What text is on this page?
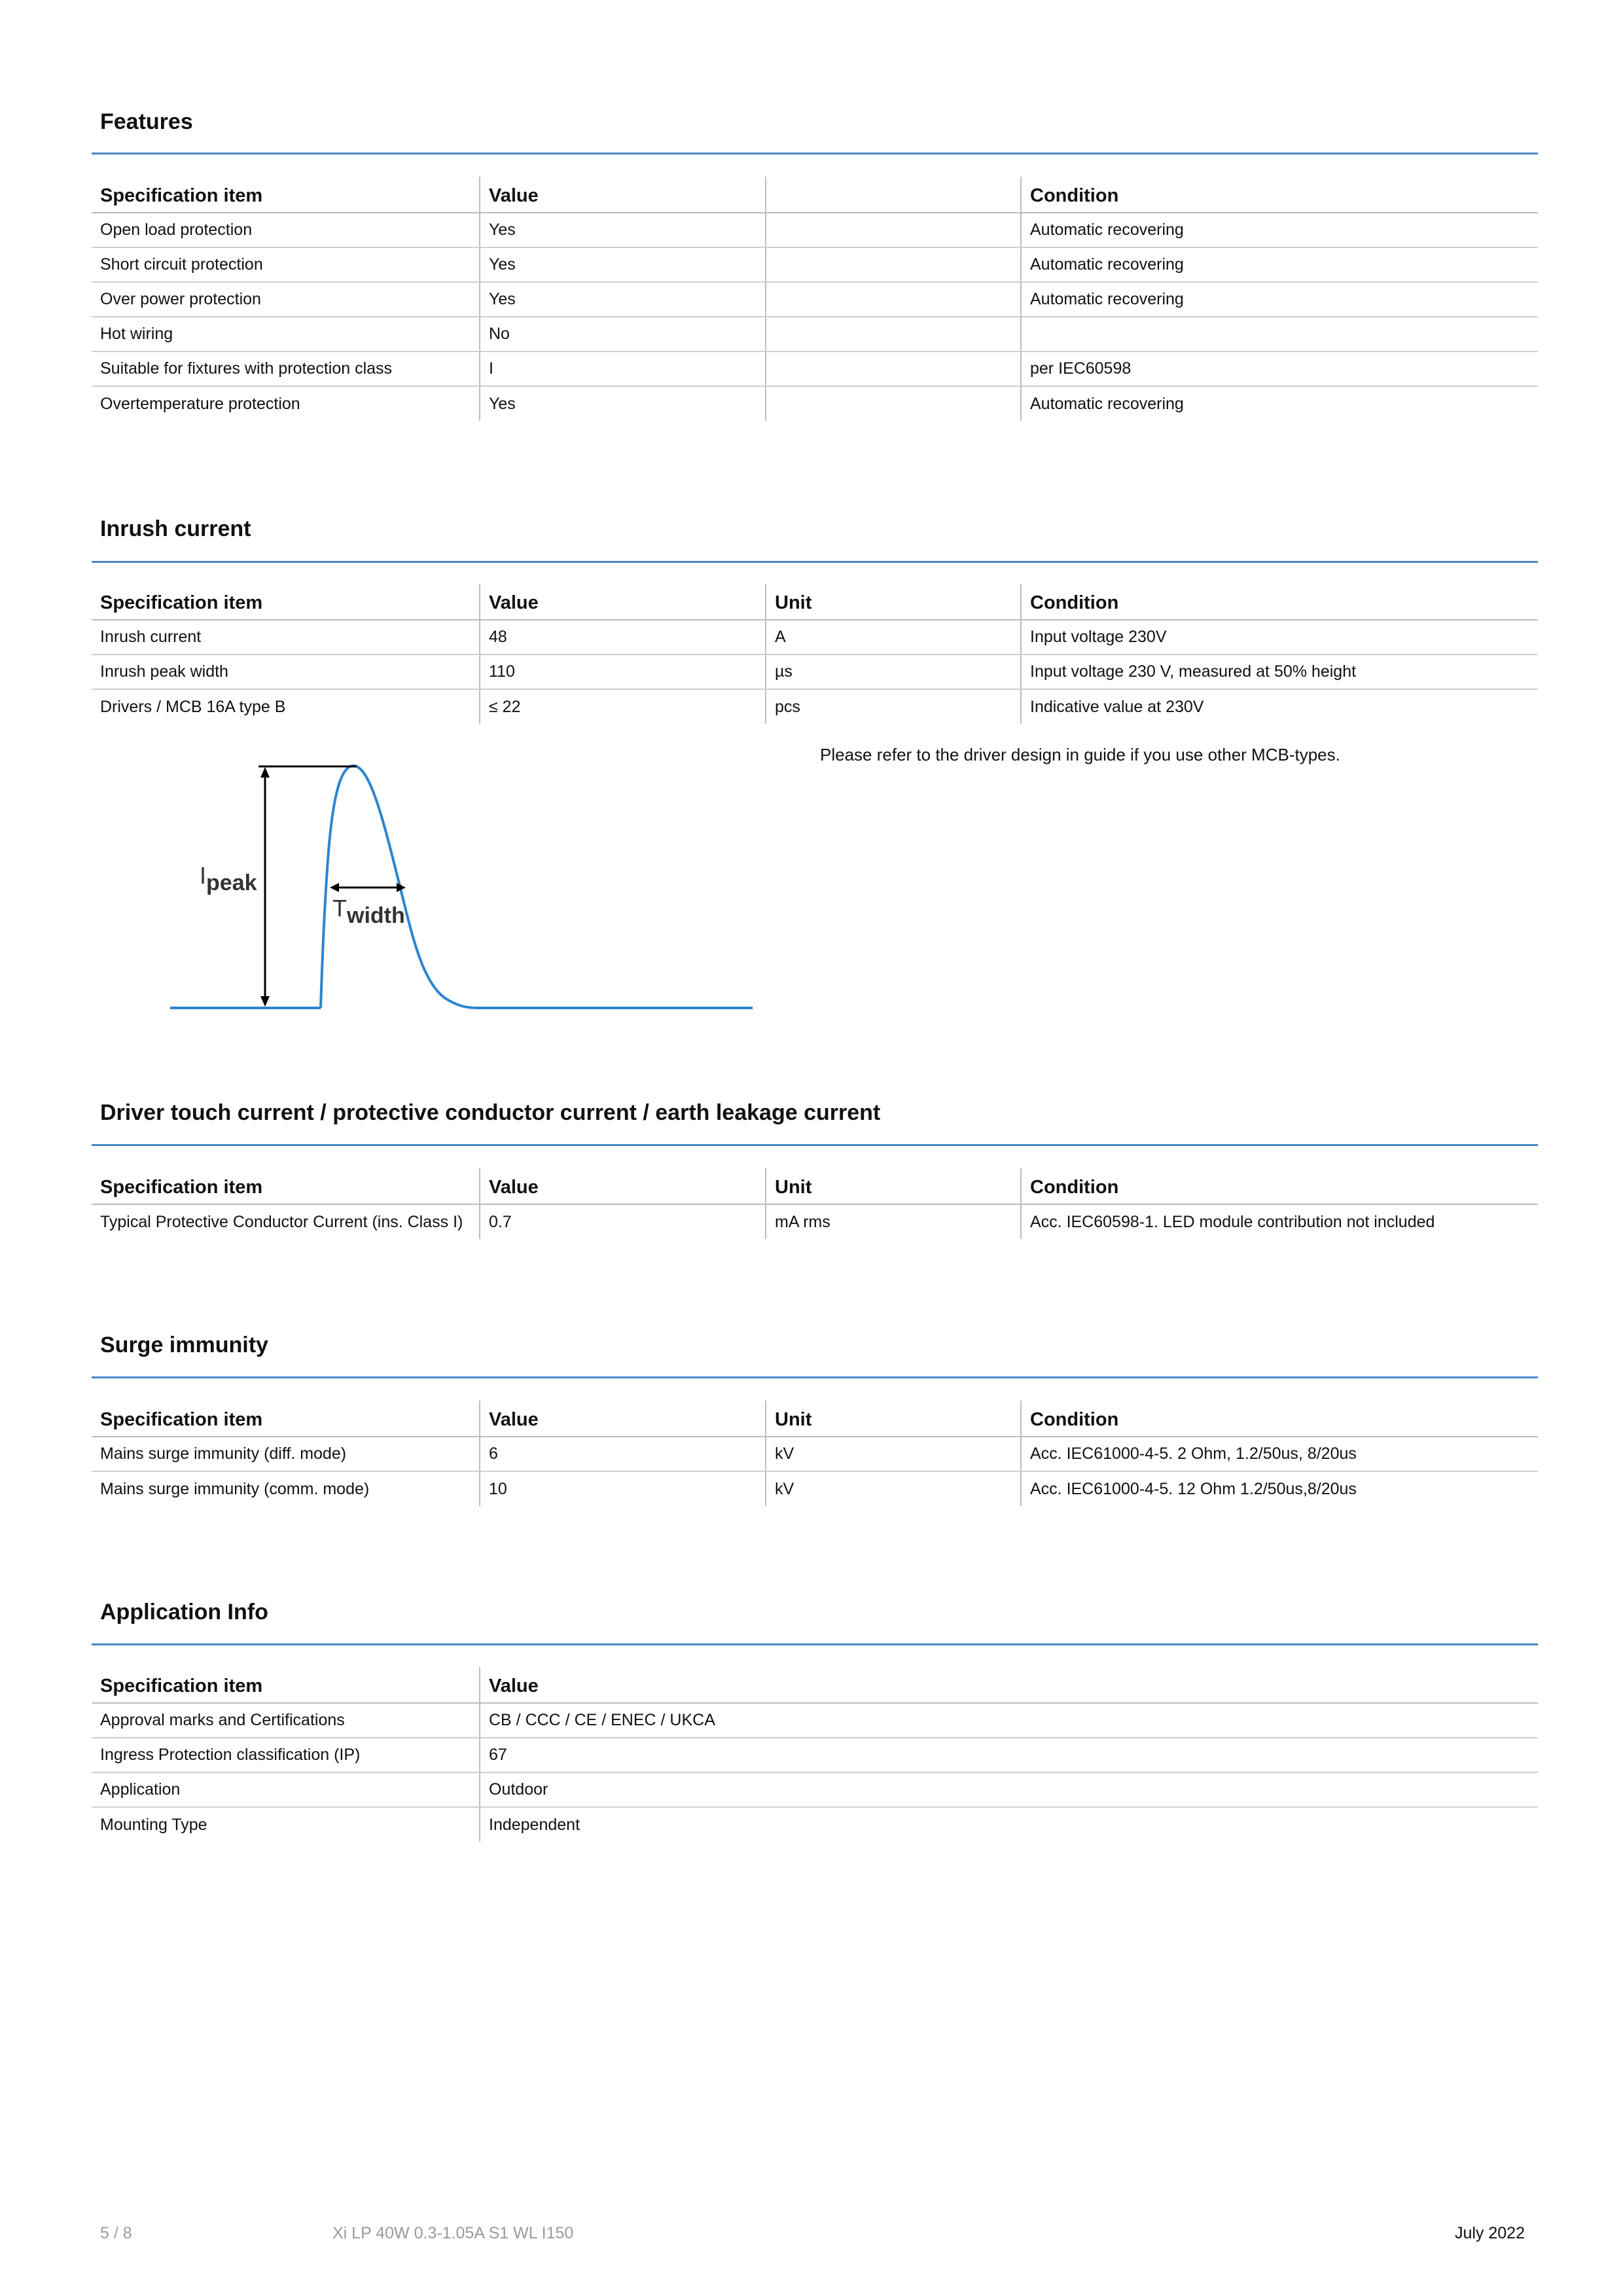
Features
Specification item	Value		Condition
Open load protection	Yes		Automatic recovering
Short circuit protection	Yes		Automatic recovering
Over power protection	Yes		Automatic recovering
Hot wiring	No		
Suitable for fixtures with protection class	I		per IEC60598
Overtemperature protection	Yes		Automatic recovering
Inrush current
Specification item	Value	Unit	Condition
Inrush current	48	A	Input voltage 230V
Inrush peak width	110	µs	Input voltage 230 V, measured at 50% height
Drivers / MCB 16A type B	≤ 22	pcs	Indicative value at 230V
Please refer to the driver design in guide if you use other MCB-types.
Ipeak
Twidth
Driver touch current / protective conductor current / earth leakage current
Specification item	Value	Unit	Condition
Typical Protective Conductor Current (ins. Class I)	0.7	mA rms	Acc. IEC60598-1. LED module contribution not included
Surge immunity
Specification item	Value	Unit	Condition
Mains surge immunity (diff. mode)	6	kV	Acc. IEC61000-4-5. 2 Ohm, 1.2/50us, 8/20us
Mains surge immunity (comm. mode)	10	kV	Acc. IEC61000-4-5. 12 Ohm 1.2/50us,8/20us
Application Info
Specification item	Value
Approval marks and Certifications	CB / CCC / CE / ENEC / UKCA
Ingress Protection classification (IP)	67
Application	Outdoor
Mounting Type	Independent
5 / 8	Xi LP 40W 0.3-1.05A S1 WL I150	July 2022
